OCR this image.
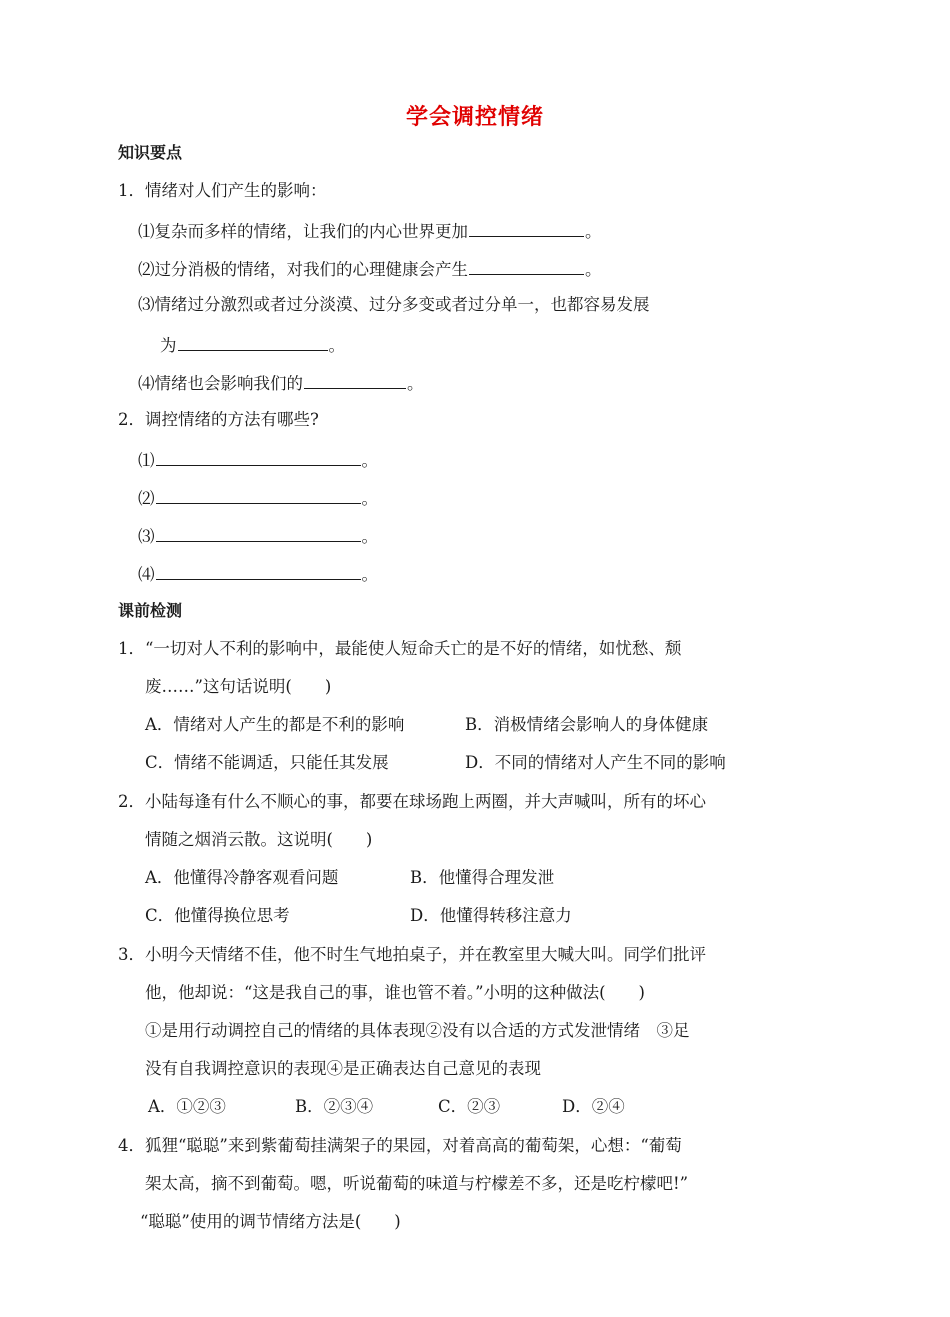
学会调控情绪
知识要点
1．情绪对人们产生的影响：
⑴复杂而多样的情绪，让我们的内心世界更加	。
⑵过分消极的情绪，对我们的心理健康会产生	。
⑶情绪过分激烈或者过分淡漠、过分多变或者过分单一，也都容易发展
为	。
⑷情绪也会影响我们的	。
2．调控情绪的方法有哪些?
⑴	。
⑵	。
⑶	。
⑷	。
课前检测
1．“一切对人不利的影响中，最能使人短命夭亡的是不好的情绪，如忧愁、颓
废……”这句话说明(　　)
A．情绪对人产生的都是不利的影响	B．消极情绪会影响人的身体健康
C．情绪不能调适，只能任其发展	D．不同的情绪对人产生不同的影响
2．小陆每逢有什么不顺心的事，都要在球场跑上两圈，并大声喊叫，所有的坏心
情随之烟消云散。这说明(　　)
A．他懂得冷静客观看问题	B．他懂得合理发泄
C．他懂得换位思考	D．他懂得转移注意力
3．小明今天情绪不佳，他不时生气地拍桌子，并在教室里大喊大叫。同学们批评
他，他却说：“这是我自己的事，谁也管不着。”小明的这种做法(　　)
①是用行动调控自己的情绪的具体表现②没有以合适的方式发泄情绪　③足
没有自我调控意识的表现④是正确表达自己意见的表现
A．①②③	B．②③④	C．②③	D．②④
4．狐狸“聪聪”来到紫葡萄挂满架子的果园，对着高高的葡萄架，心想：“葡萄
架太高，摘不到葡萄。嗯，听说葡萄的味道与柠檬差不多，还是吃柠檬吧!”
“聪聪”使用的调节情绪方法是(　　)
